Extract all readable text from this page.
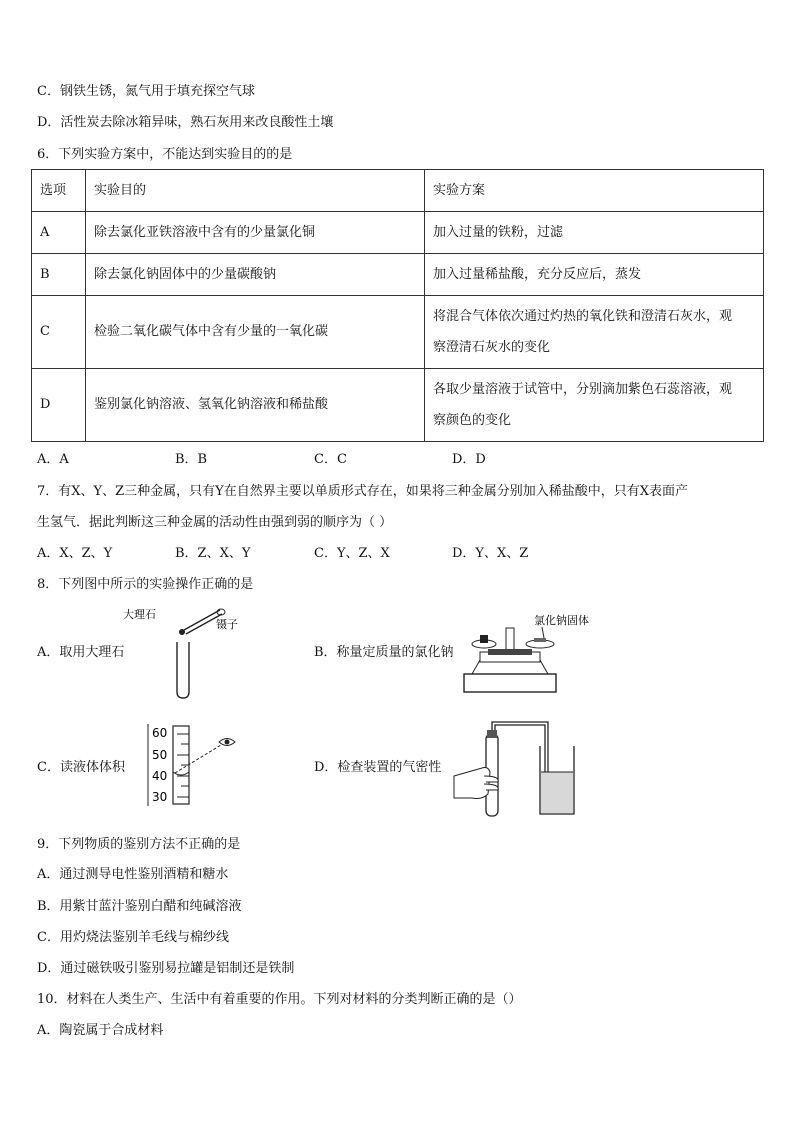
C．钢铁生锈，氮气用于填充探空气球
D．活性炭去除冰箱异味，熟石灰用来改良酸性土壤
6．下列实验方案中，不能达到实验目的的是
选项	实验目的	实验方案
A	除去氯化亚铁溶液中含有的少量氯化铜	加入过量的铁粉，过滤
B	除去氯化钠固体中的少量碳酸钠	加入过量稀盐酸，充分反应后，蒸发
C	检验二氧化碳气体中含有少量的一氧化碳	将混合气体依次通过灼热的氧化铁和澄清石灰水，观
察澄清石灰水的变化
D	鉴别氯化钠溶液、氢氧化钠溶液和稀盐酸	各取少量溶液于试管中，分别滴加紫色石蕊溶液，观
察颜色的变化
A．A	B．B	C．C	D．D
7．有X、Y、Z三种金属，只有Y在自然界主要以单质形式存在，如果将三种金属分别加入稀盐酸中，只有X表面产
生氢气．据此判断这三种金属的活动性由强到弱的顺序为（ ）
A．X、Z、Y	B．Z、X、Y	C．Y、Z、X	D．Y、X、Z
8．下列图中所示的实验操作正确的是
A．取用大理石
大理石
镊子
B．称量定质量的氯化钠
氯化钠固体
C．读液体体积
60
50
40
30
D．检查装置的气密性
9．下列物质的鉴别方法不正确的是
A．通过测导电性鉴别酒精和糖水
B．用紫甘蓝汁鉴别白醋和纯碱溶液
C．用灼烧法鉴别羊毛线与棉纱线
D．通过磁铁吸引鉴别易拉罐是铝制还是铁制
10．材料在人类生产、生活中有着重要的作用。下列对材料的分类判断正确的是（）
A．陶瓷属于合成材料
